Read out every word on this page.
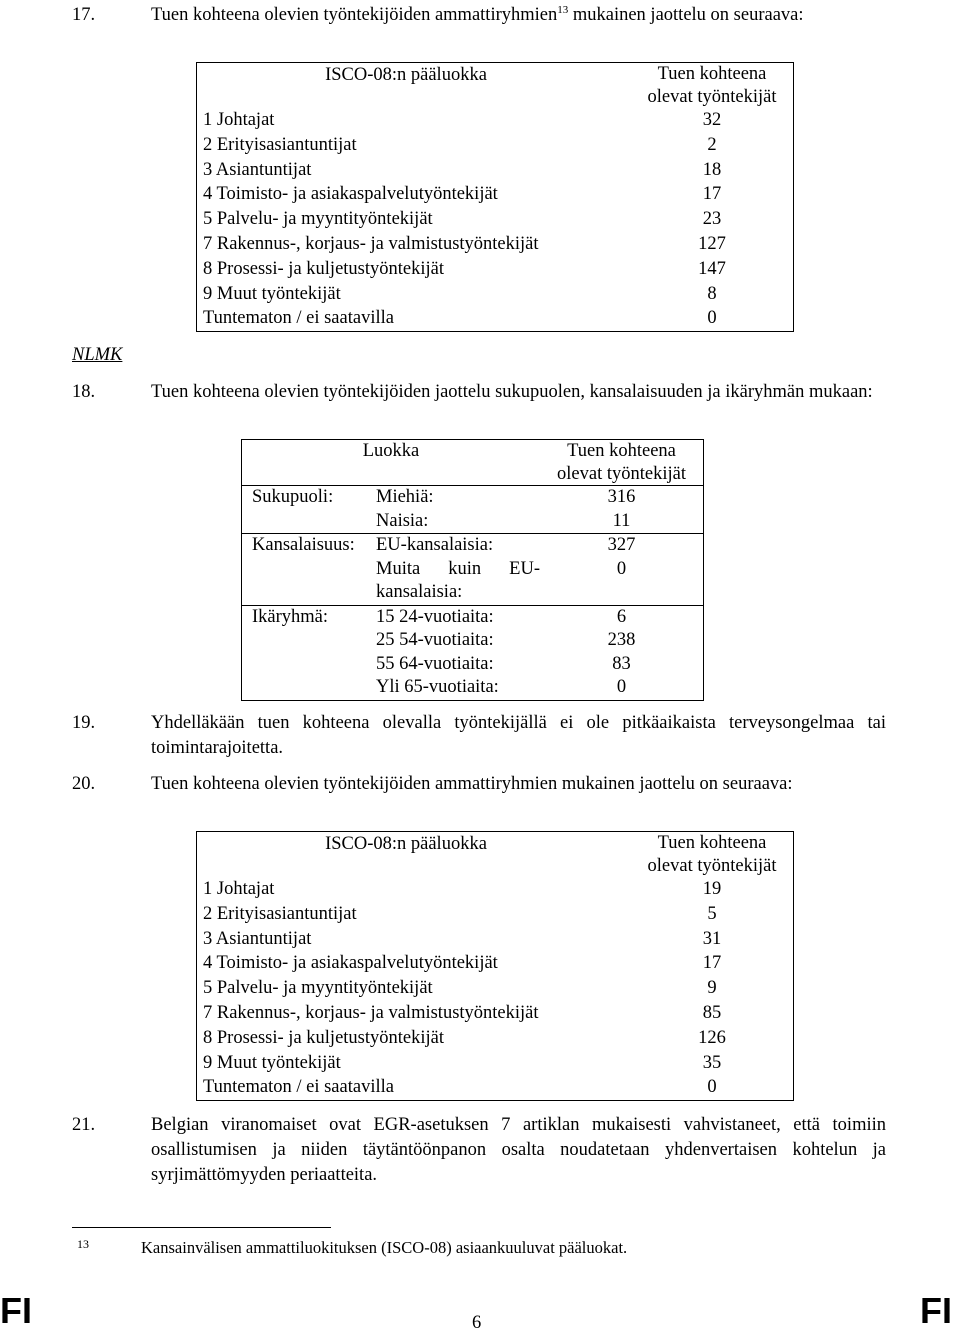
17.	Tuen kohteena olevien työntekijöiden ammattiryhmien$^{13}$ mukainen jaottelu on seuraava:
ISCO-08:n pääluokka	Tuen kohteena
olevat työntekijät

1 Johtajat	32
2 Erityisasiantuntijat	2
3 Asiantuntijat	18
4 Toimisto- ja asiakaspalvelutyöntekijät	17
5 Palvelu- ja myyntityöntekijät	23
7 Rakennus-, korjaus- ja valmistustyöntekijät	127
8 Prosessi- ja kuljetustyöntekijät	147
9 Muut työntekijät	8
Tuntematon / ei saatavilla	0
NLMK
18.	Tuen kohteena olevien työntekijöiden jaottelu sukupuolen, kansalaisuuden ja ikäryhmän mukaan:
Luokka		Tuen kohteena
olevat työntekijät

Sukupuoli:	Miehiä:	316
	Naisia:	11
Kansalaisuus:	EU-kansalaisia:	327

	Muita kuin EU-
kansalaisia:	0
Ikäryhmä:	15 24-vuotiaita:	6
	25 54-vuotiaita:	238
	55 64-vuotiaita:	83
	Yli 65-vuotiaita:	0
19.	Yhdelläkään tuen kohteena olevalla työntekijällä ei ole pitkäaikaista terveysongelmaa tai toimintarajoitetta.
20.	Tuen kohteena olevien työntekijöiden ammattiryhmien mukainen jaottelu on seuraava:
ISCO-08:n pääluokka	Tuen kohteena
olevat työntekijät

1 Johtajat	19
2 Erityisasiantuntijat	5
3 Asiantuntijat	31
4 Toimisto- ja asiakaspalvelutyöntekijät	17
5 Palvelu- ja myyntityöntekijät	9
7 Rakennus-, korjaus- ja valmistustyöntekijät	85
8 Prosessi- ja kuljetustyöntekijät	126
9 Muut työntekijät	35
Tuntematon / ei saatavilla	0
21.	Belgian viranomaiset ovat EGR-asetuksen 7 artiklan mukaisesti vahvistaneet, että toimiin osallistumisen ja niiden täytäntöönpanon osalta noudatetaan yhdenvertaisen kohtelun ja syrjimättömyyden periaatteita.
13	Kansainvälisen ammattiluokituksen (ISCO-08) asiaankuuluvat pääluokat.
FI	6	FI
